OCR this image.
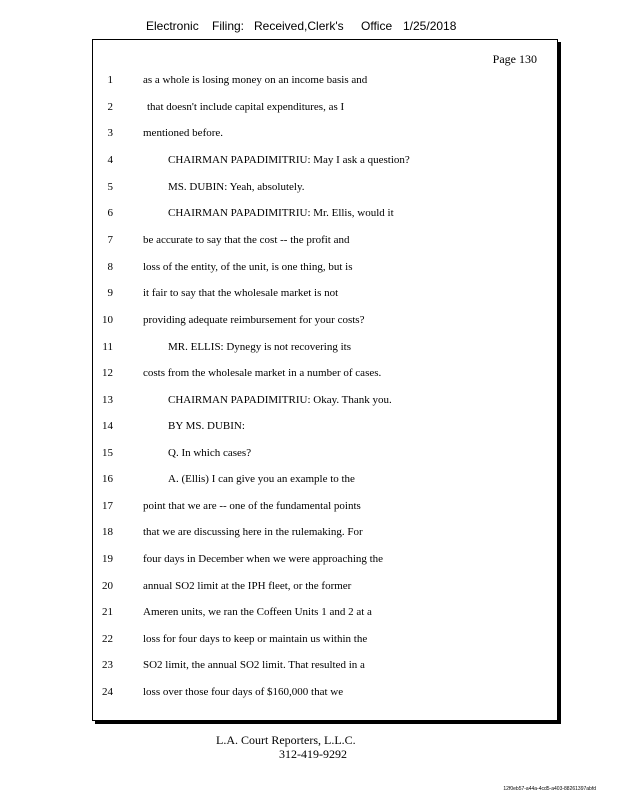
Electronic Filing: Received,Clerk's Office 1/25/2018
Page 130
1	as a whole is losing money on an income basis and
2	that doesn't include capital expenditures, as I
3	mentioned before.
4	CHAIRMAN PAPADIMITRIU: May I ask a question?
5	MS. DUBIN: Yeah, absolutely.
6	CHAIRMAN PAPADIMITRIU: Mr. Ellis, would it
7	be accurate to say that the cost -- the profit and
8	loss of the entity, of the unit, is one thing, but is
9	it fair to say that the wholesale market is not
10	providing adequate reimbursement for your costs?
11	MR. ELLIS: Dynegy is not recovering its
12	costs from the wholesale market in a number of cases.
13	CHAIRMAN PAPADIMITRIU: Okay. Thank you.
14	BY MS. DUBIN:
15	Q. In which cases?
16	A. (Ellis) I can give you an example to the
17	point that we are -- one of the fundamental points
18	that we are discussing here in the rulemaking. For
19	four days in December when we were approaching the
20	annual SO2 limit at the IPH fleet, or the former
21	Ameren units, we ran the Coffeen Units 1 and 2 at a
22	loss for four days to keep or maintain us within the
23	SO2 limit, the annual SO2 limit. That resulted in a
24	loss over those four days of $160,000 that we
L.A. Court Reporters, L.L.C.
312-419-9292
12f0eb57-a44a-4cd5-a403-88261397abfd
